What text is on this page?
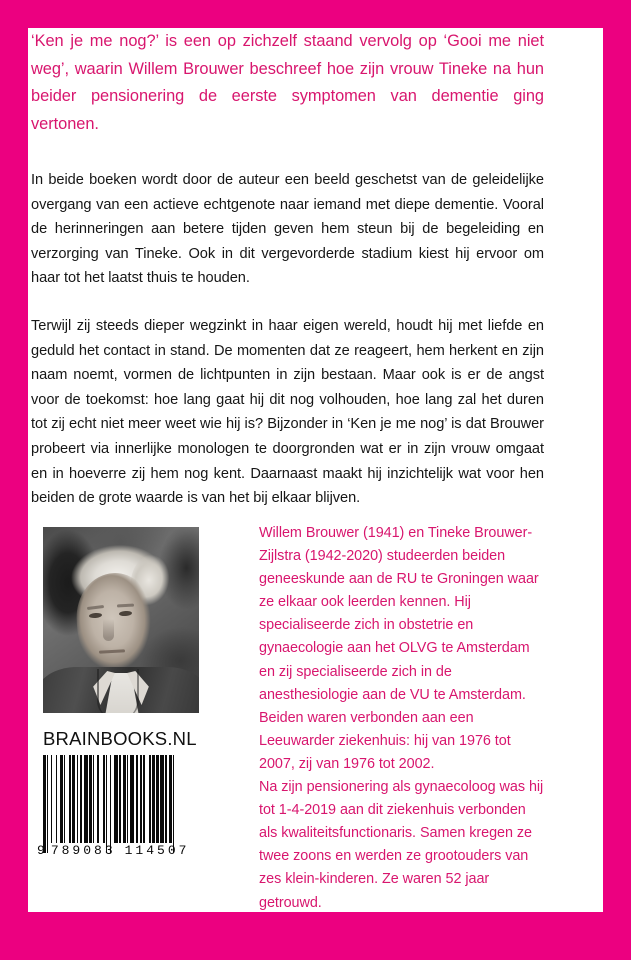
‘Ken je me nog?’ is een op zichzelf staand vervolg op ‘Gooi me niet weg’, waarin Willem Brouwer beschreef hoe zijn vrouw Tineke na hun beider pensionering de eerste symptomen van dementie ging vertonen.
In beide boeken wordt door de auteur een beeld geschetst van de geleidelijke overgang van een actieve echtgenote naar iemand met diepe dementie. Vooral de herinneringen aan betere tijden geven hem steun bij de begeleiding en verzorging van Tineke. Ook in dit vergevorderde stadium kiest hij ervoor om haar tot het laatst thuis te houden.
Terwijl zij steeds dieper wegzinkt in haar eigen wereld, houdt hij met liefde en geduld het contact in stand. De momenten dat ze reageert, hem herkent en zijn naam noemt, vormen de lichtpunten in zijn bestaan. Maar ook is er de angst voor de toekomst: hoe lang gaat hij dit nog volhouden, hoe lang zal het duren tot zij echt niet meer weet wie hij is? Bijzonder in ‘Ken je me nog’ is dat Brouwer probeert via innerlijke monologen te doorgronden wat er in zijn vrouw omgaat en in hoeverre zij hem nog kent. Daarnaast maakt hij inzichtelijk wat voor hen beiden de grote waarde is van het bij elkaar blijven.
BRAINBOOKS.NL
9 789083 114507

Willem Brouwer (1941) en Tineke Brouwer-Zijlstra (1942-2020) studeerden beiden geneeskunde aan de RU te Groningen waar ze elkaar ook leerden kennen. Hij specialiseerde zich in obstetrie en gynaecologie aan het OLVG te Amsterdam en zij specialiseerde zich in de anesthesiologie aan de VU te Amsterdam. Beiden waren verbonden aan een Leeuwarder ziekenhuis: hij van 1976 tot 2007, zij van 1976 tot 2002.

Na zijn pensionering als gynaecoloog was hij tot 1-4-2019 aan dit ziekenhuis verbonden als kwaliteitsfunctionaris. Samen kregen ze twee zoons en werden ze grootouders van zes klein-kinderen. Ze waren 52 jaar getrouwd.
